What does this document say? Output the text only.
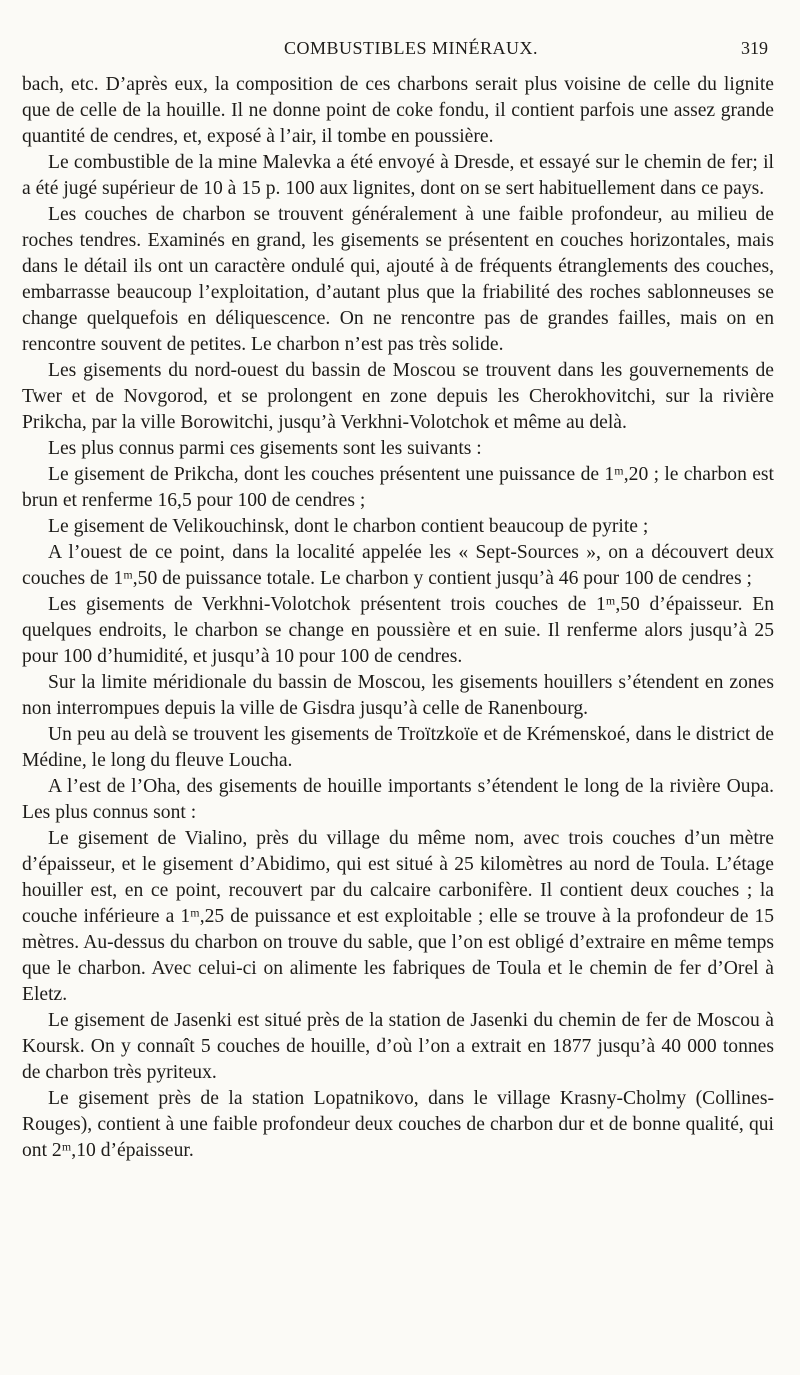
COMBUSTIBLES MINÉRAUX.	319

bach, etc. D’après eux, la composition de ces charbons serait plus voisine de celle du lignite que de celle de la houille. Il ne donne point de coke fondu, il contient parfois une assez grande quantité de cendres, et, exposé à l’air, il tombe en poussière.

Le combustible de la mine Malevka a été envoyé à Dresde, et essayé sur le chemin de fer; il a été jugé supérieur de 10 à 15 p. 100 aux lignites, dont on se sert habituellement dans ce pays.

Les couches de charbon se trouvent généralement à une faible profondeur, au milieu de roches tendres. Examinés en grand, les gisements se présentent en couches horizontales, mais dans le détail ils ont un caractère ondulé qui, ajouté à de fréquents étranglements des couches, embarrasse beaucoup l’exploitation, d’autant plus que la friabilité des roches sablonneuses se change quelquefois en déliquescence. On ne rencontre pas de grandes failles, mais on en rencontre souvent de petites. Le charbon n’est pas très solide.

Les gisements du nord-ouest du bassin de Moscou se trouvent dans les gouvernements de Twer et de Novgorod, et se prolongent en zone depuis les Cherokhovitchi, sur la rivière Prikcha, par la ville Borowitchi, jusqu’à Verkhni-Volotchok et même au delà.

Les plus connus parmi ces gisements sont les suivants :

Le gisement de Prikcha, dont les couches présentent une puissance de 1ᵐ,20 ; le charbon est brun et renferme 16,5 pour 100 de cendres ;

Le gisement de Velikouchinsk, dont le charbon contient beaucoup de pyrite ;

A l’ouest de ce point, dans la localité appelée les « Sept-Sources », on a découvert deux couches de 1ᵐ,50 de puissance totale. Le charbon y contient jusqu’à 46 pour 100 de cendres ;

Les gisements de Verkhni-Volotchok présentent trois couches de 1ᵐ,50 d’épaisseur. En quelques endroits, le charbon se change en poussière et en suie. Il renferme alors jusqu’à 25 pour 100 d’humidité, et jusqu’à 10 pour 100 de cendres.

Sur la limite méridionale du bassin de Moscou, les gisements houillers s’étendent en zones non interrompues depuis la ville de Gisdra jusqu’à celle de Ranenbourg.

Un peu au delà se trouvent les gisements de Troïtzkoïe et de Krémenskoé, dans le district de Médine, le long du fleuve Loucha.

A l’est de l’Oha, des gisements de houille importants s’étendent le long de la rivière Oupa. Les plus connus sont :

Le gisement de Vialino, près du village du même nom, avec trois couches d’un mètre d’épaisseur, et le gisement d’Abidimo, qui est situé à 25 kilomètres au nord de Toula. L’étage houiller est, en ce point, recouvert par du calcaire carbonifère. Il contient deux couches ; la couche inférieure a 1ᵐ,25 de puissance et est exploitable ; elle se trouve à la profondeur de 15 mètres. Au-dessus du charbon on trouve du sable, que l’on est obligé d’extraire en même temps que le charbon. Avec celui-ci on alimente les fabriques de Toula et le chemin de fer d’Orel à Eletz.

Le gisement de Jasenki est situé près de la station de Jasenki du chemin de fer de Moscou à Koursk. On y connaît 5 couches de houille, d’où l’on a extrait en 1877 jusqu’à 40 000 tonnes de charbon très pyriteux.

Le gisement près de la station Lopatnikovo, dans le village Krasny-Cholmy (Collines-Rouges), contient à une faible profondeur deux couches de charbon dur et de bonne qualité, qui ont 2ᵐ,10 d’épaisseur.
